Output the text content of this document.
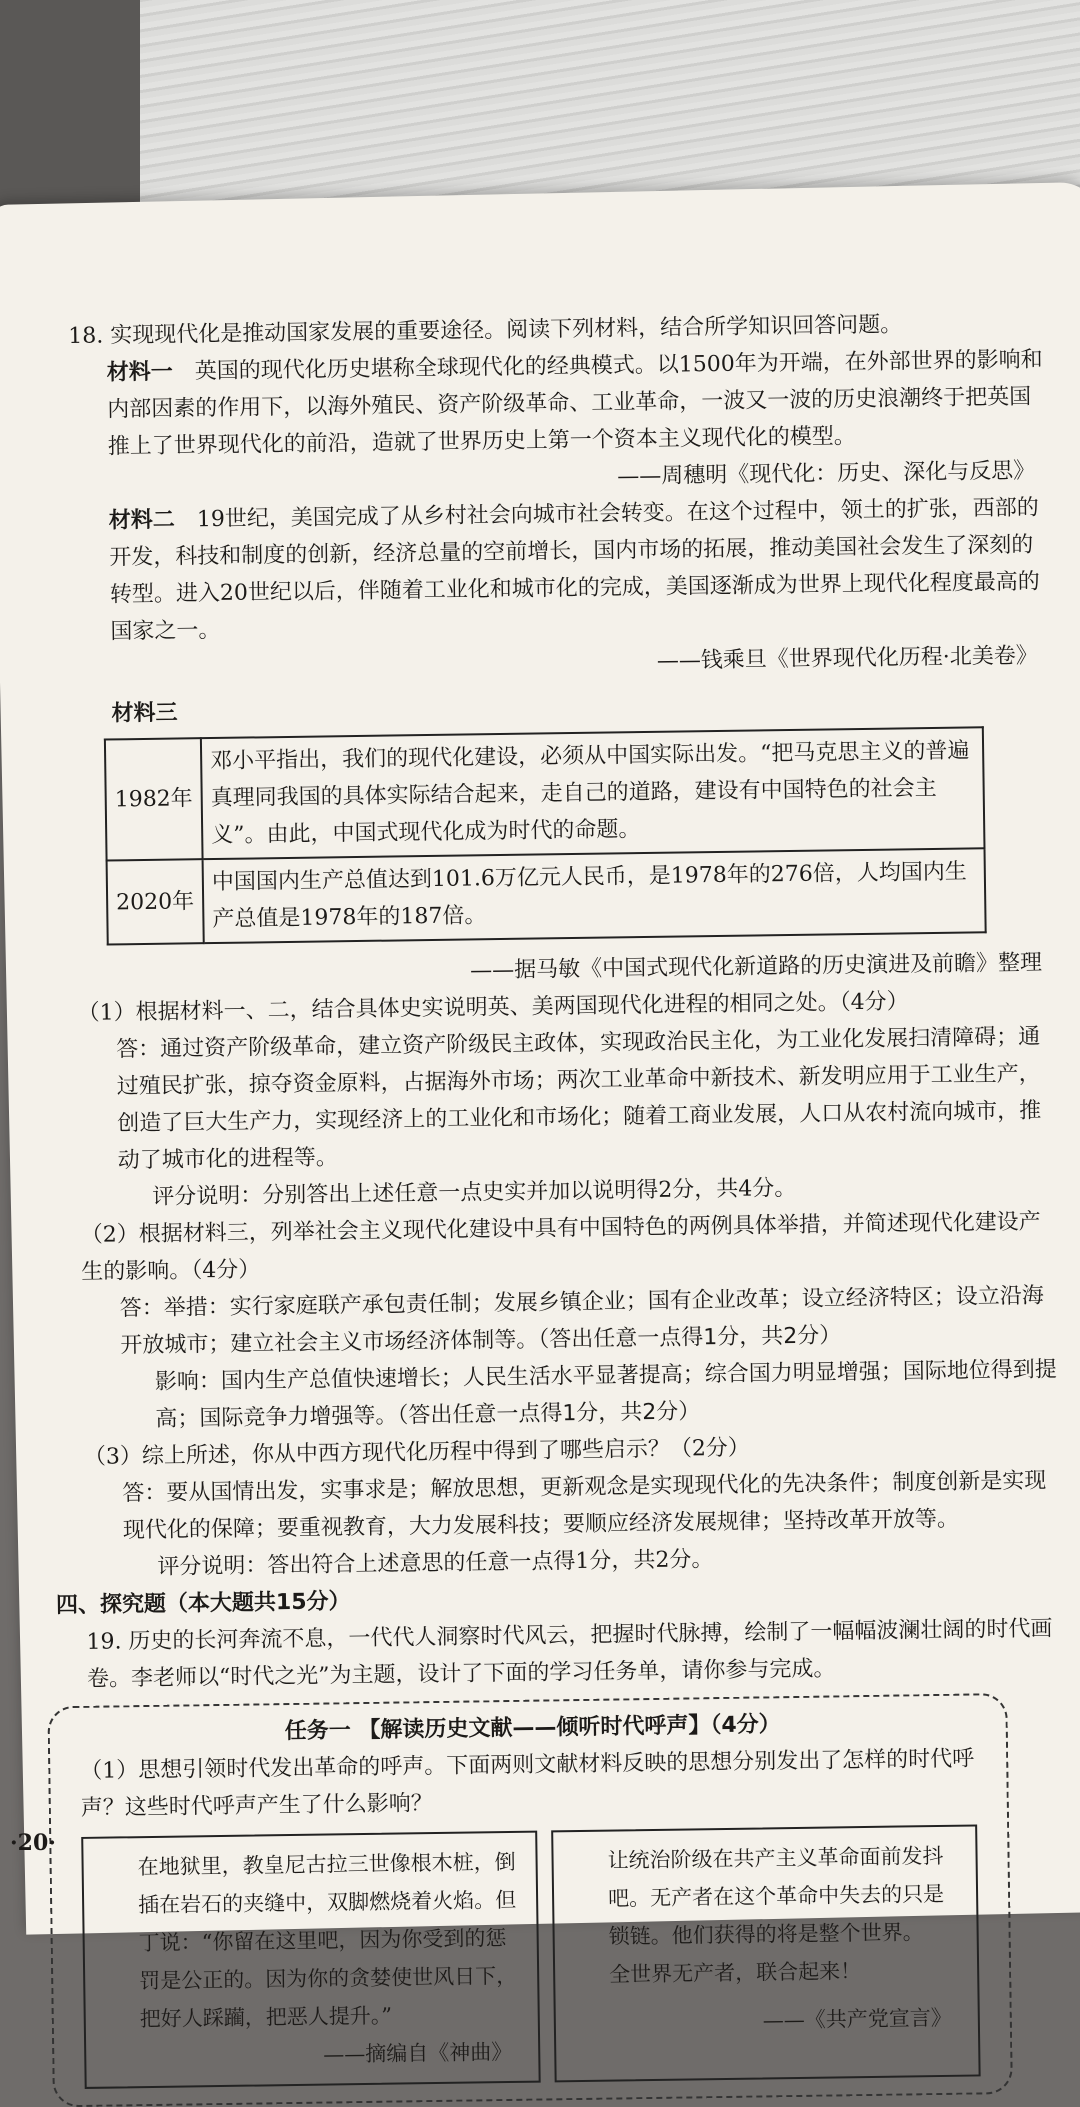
18. 实现现代化是推动国家发展的重要途径。阅读下列材料，结合所学知识回答问题。

材料一　 英国的现代化历史堪称全球现代化的经典模式。以1500年为开端，在外部世界的影响和内部因素的作用下，以海外殖民、资产阶级革命、工业革命，一波又一波的历史浪潮终于把英国推上了世界现代化的前沿，造就了世界历史上第一个资本主义现代化的模型。

——周穗明《现代化：历史、深化与反思》

材料二　 19世纪，美国完成了从乡村社会向城市社会转变。在这个过程中，领土的扩张，西部的开发，科技和制度的创新，经济总量的空前增长，国内市场的拓展，推动美国社会发生了深刻的转型。进入20世纪以后，伴随着工业化和城市化的完成，美国逐渐成为世界上现代化程度最高的国家之一。

——钱乘旦《世界现代化历程·北美卷》

材料三

1982年	邓小平指出，我们的现代化建设，必须从中国实际出发。“把马克思主义的普遍真理同我国的具体实际结合起来，走自己的道路，建设有中国特色的社会主义”。由此，中国式现代化成为时代的命题。
2020年	中国国内生产总值达到101.6万亿元人民币，是1978年的276倍，人均国内生产总值是1978年的187倍。

——据马敏《中国式现代化新道路的历史演进及前瞻》整理

（1）根据材料一、二，结合具体史实说明英、美两国现代化进程的相同之处。（4分）

答：通过资产阶级革命，建立资产阶级民主政体，实现政治民主化，为工业化发展扫清障碍；通过殖民扩张，掠夺资金原料，占据海外市场；两次工业革命中新技术、新发明应用于工业生产，创造了巨大生产力，实现经济上的工业化和市场化；随着工商业发展，人口从农村流向城市，推动了城市化的进程等。

评分说明：分别答出上述任意一点史实并加以说明得2分，共4分。

（2）根据材料三，列举社会主义现代化建设中具有中国特色的两例具体举措，并简述现代化建设产生的影响。（4分）

答：举措：实行家庭联产承包责任制；发展乡镇企业；国有企业改革；设立经济特区；设立沿海开放城市；建立社会主义市场经济体制等。（答出任意一点得1分，共2分）

影响：国内生产总值快速增长；人民生活水平显著提高；综合国力明显增强；国际地位得到提高；国际竞争力增强等。（答出任意一点得1分，共2分）

（3）综上所述，你从中西方现代化历程中得到了哪些启示？（2分）

答：要从国情出发，实事求是；解放思想，更新观念是实现现代化的先决条件；制度创新是实现现代化的保障；要重视教育，大力发展科技；要顺应经济发展规律；坚持改革开放等。

评分说明：答出符合上述意思的任意一点得1分，共2分。

四、探究题（本大题共15分）

19. 历史的长河奔流不息，一代代人洞察时代风云，把握时代脉搏，绘制了一幅幅波澜壮阔的时代画卷。李老师以“时代之光”为主题，设计了下面的学习任务单，请你参与完成。

任务一 【解读历史文献——倾听时代呼声】（4分）

（1）思想引领时代发出革命的呼声。下面两则文献材料反映的思想分别发出了怎样的时代呼声？这些时代呼声产生了什么影响？

在地狱里，教皇尼古拉三世像根木桩，倒插在岩石的夹缝中，双脚燃烧着火焰。但丁说：“你留在这里吧，因为你受到的惩罚是公正的。因为你的贪婪使世风日下，把好人踩躏，把恶人提升。”

——摘编自《神曲》

让统治阶级在共产主义革命面前发抖吧。无产者在这个革命中失去的只是锁链。他们获得的将是整个世界。

全世界无产者，联合起来！

——《共产党宣言》

·20·
